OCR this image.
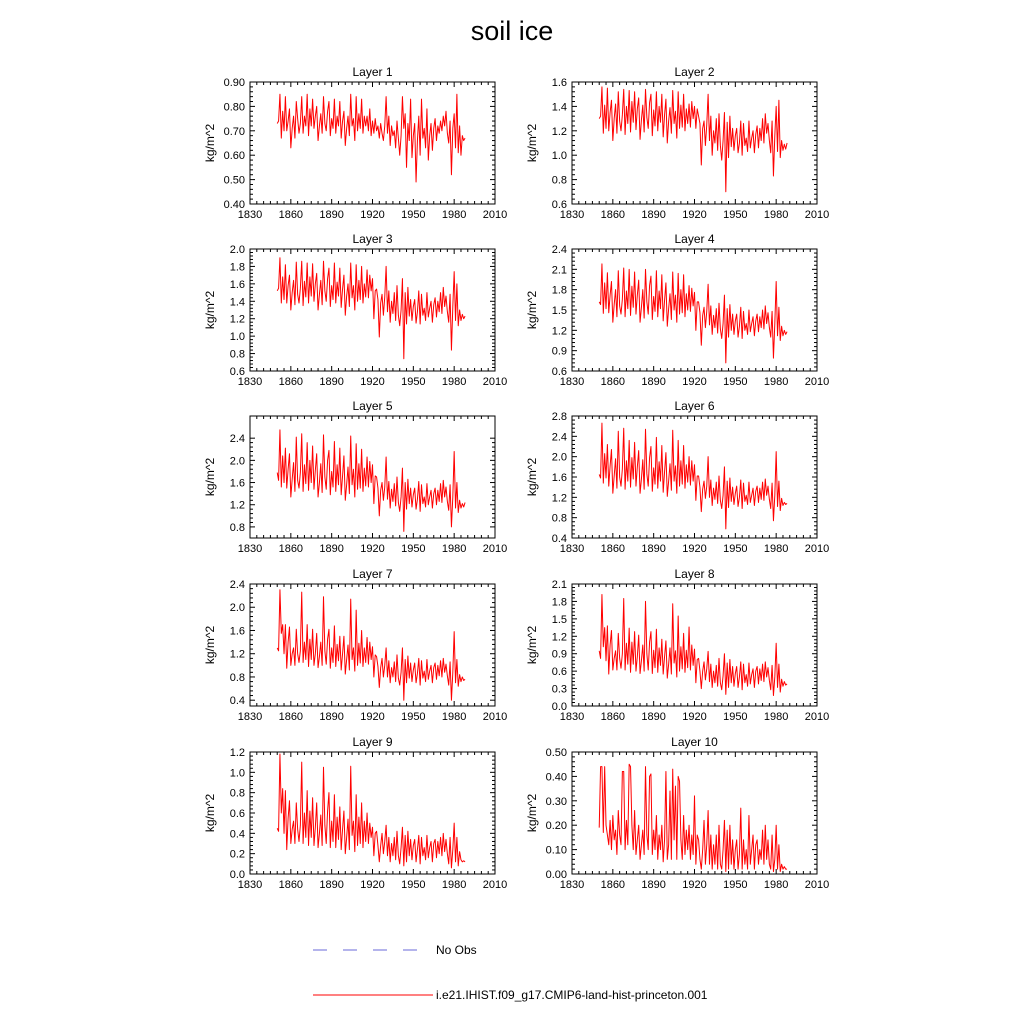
soil ice
Layer 1
1830 1860 1890 1920 1950 1980 2010
0.40
0.50
0.60
0.70
0.80
0.90
kg/m^2
Layer 2
1830 1860 1890 1920 1950 1980 2010
0.6
0.8
1.0
1.2
1.4
1.6
kg/m^2
Layer 3
1830 1860 1890 1920 1950 1980 2010
0.6
0.8
1.0
1.2
1.4
1.6
1.8
2.0
kg/m^2
Layer 4
1830 1860 1890 1920 1950 1980 2010
0.6
0.9
1.2
1.5
1.8
2.1
2.4
kg/m^2
Layer 5
1830 1860 1890 1920 1950 1980 2010
0.8
1.2
1.6
2.0
2.4
kg/m^2
Layer 6
1830 1860 1890 1920 1950 1980 2010
0.4
0.8
1.2
1.6
2.0
2.4
2.8
kg/m^2
Layer 7
1830 1860 1890 1920 1950 1980 2010
0.4
0.8
1.2
1.6
2.0
2.4
kg/m^2
Layer 8
1830 1860 1890 1920 1950 1980 2010
0.0
0.3
0.6
0.9
1.2
1.5
1.8
2.1
kg/m^2
Layer 9
1830 1860 1890 1920 1950 1980 2010
0.0
0.2
0.4
0.6
0.8
1.0
1.2
kg/m^2
Layer 10
1830 1860 1890 1920 1950 1980 2010
0.00
0.10
0.20
0.30
0.40
0.50
kg/m^2
No Obs
i.e21.IHIST.f09_g17.CMIP6-land-hist-princeton.001
